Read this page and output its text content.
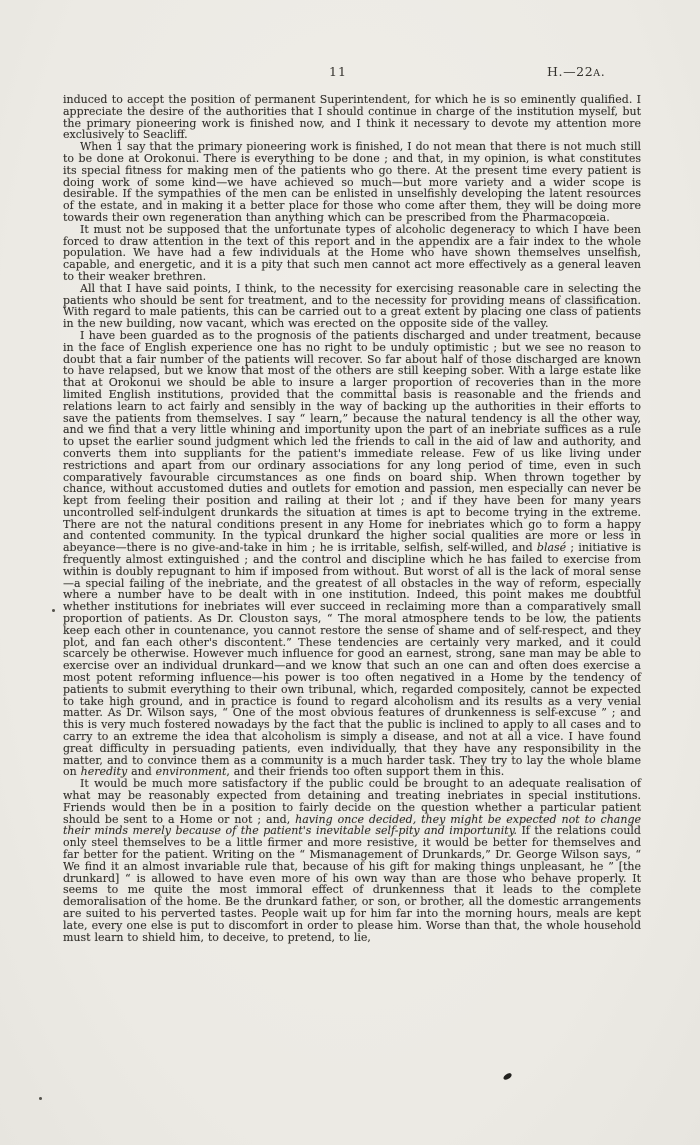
11	H.—22A.

induced to accept the position of permanent Superintendent, for which he is so eminently qualified. I appreciate the desire of the authorities that I should continue in charge of the institution myself, but the primary pioneering work is finished now, and I think it necessary to devote my attention more exclusively to Seacliff.

When 1 say that the primary pioneering work is finished, I do not mean that there is not much still to be done at Orokonui. There is everything to be done ; and that, in my opinion, is what constitutes its special fitness for making men of the patients who go there. At the present time every patient is doing work of some kind—we have achieved so much—but more variety and a wider scope is desirable. If the sympathies of the men can be enlisted in unselfishly developing the latent resources of the estate, and in making it a better place for those who come after them, they will be doing more towards their own regeneration than anything which can be prescribed from the Pharmacopœia.

It must not be supposed that the unfortunate types of alcoholic degeneracy to which I have been forced to draw attention in the text of this report and in the appendix are a fair index to the whole population. We have had a few individuals at the Home who have shown themselves unselfish, capable, and energetic, and it is a pity that such men cannot act more effectively as a general leaven to their weaker brethren.

All that I have said points, I think, to the necessity for exercising reasonable care in selecting the patients who should be sent for treatment, and to the necessity for providing means of classification. With regard to male patients, this can be carried out to a great extent by placing one class of patients in the new building, now vacant, which was erected on the opposite side of the valley.

I have been guarded as to the prognosis of the patients discharged and under treatment, because in the face of English experience one has no right to be unduly optimistic ; but we see no reason to doubt that a fair number of the patients will recover. So far about half of those discharged are known to have relapsed, but we know that most of the others are still keeping sober. With a large estate like that at Orokonui we should be able to insure a larger proportion of recoveries than in the more limited English institutions, provided that the committal basis is reasonable and the friends and relations learn to act fairly and sensibly in the way of backing up the authorities in their efforts to save the patients from themselves. I say “ learn,” because the natural tendency is all the other way, and we find that a very little whining and importunity upon the part of an inebriate suffices as a rule to upset the earlier sound judgment which led the friends to call in the aid of law and authority, and converts them into suppliants for the patient's immediate release. Few of us like living under restrictions and apart from our ordinary associations for any long period of time, even in such comparatively favourable circumstances as one finds on board ship. When thrown together by chance, without accustomed duties and outlets for emotion and passion, men especially can never be kept from feeling their position and railing at their lot ; and if they have been for many years uncontrolled self-indulgent drunkards the situation at times is apt to become trying in the extreme. There are not the natural conditions present in any Home for inebriates which go to form a happy and contented community. In the typical drunkard the higher social qualities are more or less in abeyance—there is no give-and-take in him ; he is irritable, selfish, self-willed, and blasé ; initiative is frequently almost extinguished ; and the control and discipline which he has failed to exercise from within is doubly repugnant to him if imposed from without. But worst of all is the lack of moral sense—a special failing of the inebriate, and the greatest of all obstacles in the way of reform, especially where a number have to be dealt with in one institution. Indeed, this point makes me doubtful whether institutions for inebriates will ever succeed in reclaiming more than a comparatively small proportion of patients. As Dr. Clouston says, “ The moral atmosphere tends to be low, the patients keep each other in countenance, you cannot restore the sense of shame and of self-respect, and they plot, and fan each other's discontent.” These tendencies are certainly very marked, and it could scarcely be otherwise. However much influence for good an earnest, strong, sane man may be able to exercise over an individual drunkard—and we know that such an one can and often does exercise a most potent reforming influence—his power is too often negatived in a Home by the tendency of patients to submit everything to their own tribunal, which, regarded compositely, cannot be expected to take high ground, and in practice is found to regard alcoholism and its results as a very venial matter. As Dr. Wilson says, “ One of the most obvious features of drunkenness is self-excuse ” ; and this is very much fostered nowadays by the fact that the public is inclined to apply to all cases and to carry to an extreme the idea that alcoholism is simply a disease, and not at all a vice. I have found great difficulty in persuading patients, even individually, that they have any responsibility in the matter, and to convince them as a community is a much harder task. They try to lay the whole blame on heredity and environment, and their friends too often support them in this.

It would be much more satisfactory if the public could be brought to an adequate realisation of what may be reasonably expected from detaining and treating inebriates in special institutions. Friends would then be in a position to fairly decide on the question whether a particular patient should be sent to a Home or not ; and, having once decided, they might be expected not to change their minds merely because of the patient's inevitable self-pity and importunity. If the relations could only steel themselves to be a little firmer and more resistive, it would be better for themselves and far better for the patient. Writing on the “ Mismanagement of Drunkards,” Dr. George Wilson says, “ We find it an almost invariable rule that, because of his gift for making things unpleasant, he ” [the drunkard] “ is allowed to have even more of his own way than are those who behave properly. It seems to me quite the most immoral effect of drunkenness that it leads to the complete demoralisation of the home. Be the drunkard father, or son, or brother, all the domestic arrangements are suited to his perverted tastes. People wait up for him far into the morning hours, meals are kept late, every one else is put to discomfort in order to please him. Worse than that, the whole household must learn to shield him, to deceive, to pretend, to lie,
